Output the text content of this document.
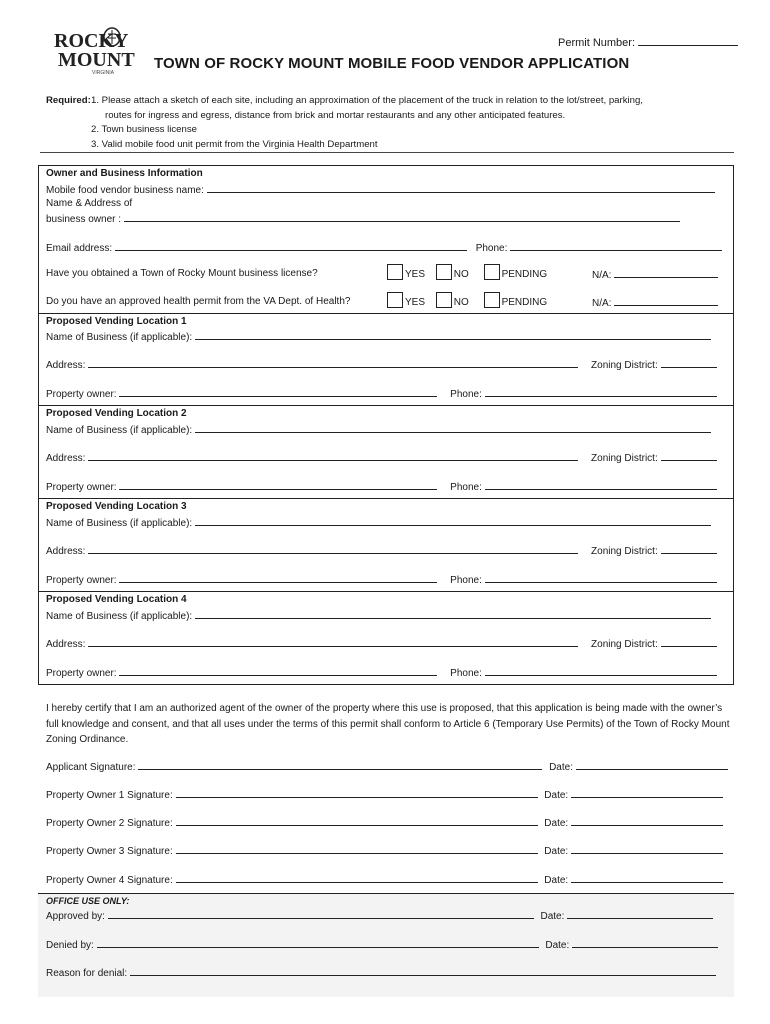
ROCKY
MOUNT
VIRGINIA
Permit Number:
TOWN OF ROCKY MOUNT MOBILE FOOD VENDOR APPLICATION
Required: 1. Please attach a sketch of each site, including an approximation of the placement of the truck in relation to the lot/street, parking,
routes for ingress and egress, distance from brick and mortar restaurants and any other anticipated features.
2. Town business license
3. Valid mobile food unit permit from the Virginia Health Department
Owner and Business Information
Mobile food vendor business name:
Name & Address of
business owner :
Email address:	Phone:
Have you obtained a Town of Rocky Mount business license?	YES	NO	PENDING	N/A:
Do you have an approved health permit from the VA Dept. of Health?	YES	NO	PENDING	N/A:
Proposed Vending Location 1
Name of Business (if applicable):
Address:	Zoning District:
Property owner:	Phone:
Proposed Vending Location 2
Name of Business (if applicable):
Address:	Zoning District:
Property owner:	Phone:
Proposed Vending Location 3
Name of Business (if applicable):
Address:	Zoning District:
Property owner:	Phone:
Proposed Vending Location 4
Name of Business (if applicable):
Address:	Zoning District:
Property owner:	Phone:
I hereby certify that I am an authorized agent of the owner of the property where this use is proposed, that this application is being made with the owner’s full knowledge and consent, and that all uses under the terms of this permit shall conform to Article 6 (Temporary Use Permits) of the Town of Rocky Mount Zoning Ordinance.
Applicant Signature:	Date:
Property Owner 1 Signature:	Date:
Property Owner 2 Signature:	Date:
Property Owner 3 Signature:	Date:
Property Owner 4 Signature:	Date:
OFFICE USE ONLY:
Approved by:	Date:
Denied by:	Date:
Reason for denial:
